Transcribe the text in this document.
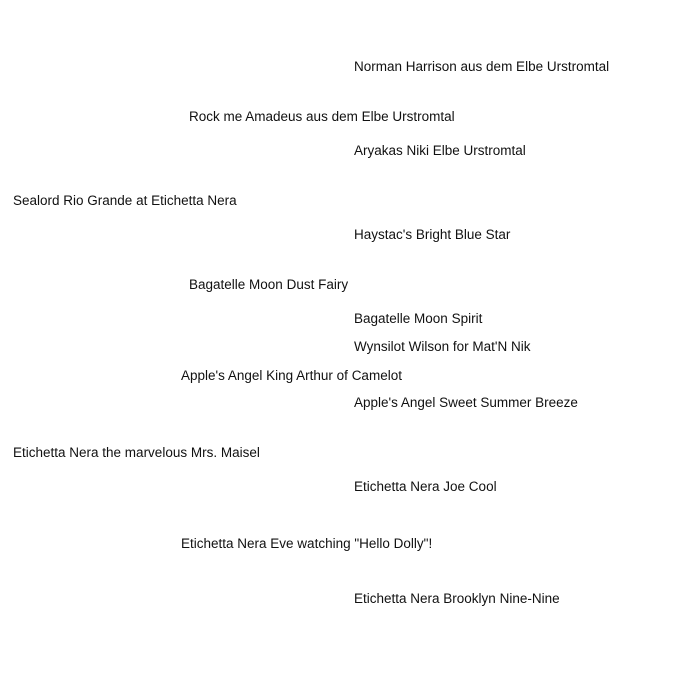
Norman Harrison aus dem Elbe Urstromtal
Rock me Amadeus aus dem Elbe Urstromtal
Aryakas Niki Elbe Urstromtal
Sealord Rio Grande at Etichetta Nera
Haystac's Bright Blue Star
Bagatelle Moon Dust Fairy
Bagatelle Moon Spirit
Wynsilot Wilson for Mat'N Nik
Apple's Angel King Arthur of Camelot
Apple's Angel Sweet Summer Breeze
Etichetta Nera the marvelous Mrs. Maisel
Etichetta Nera Joe Cool
Etichetta Nera Eve watching "Hello Dolly"!
Etichetta Nera Brooklyn Nine-Nine
